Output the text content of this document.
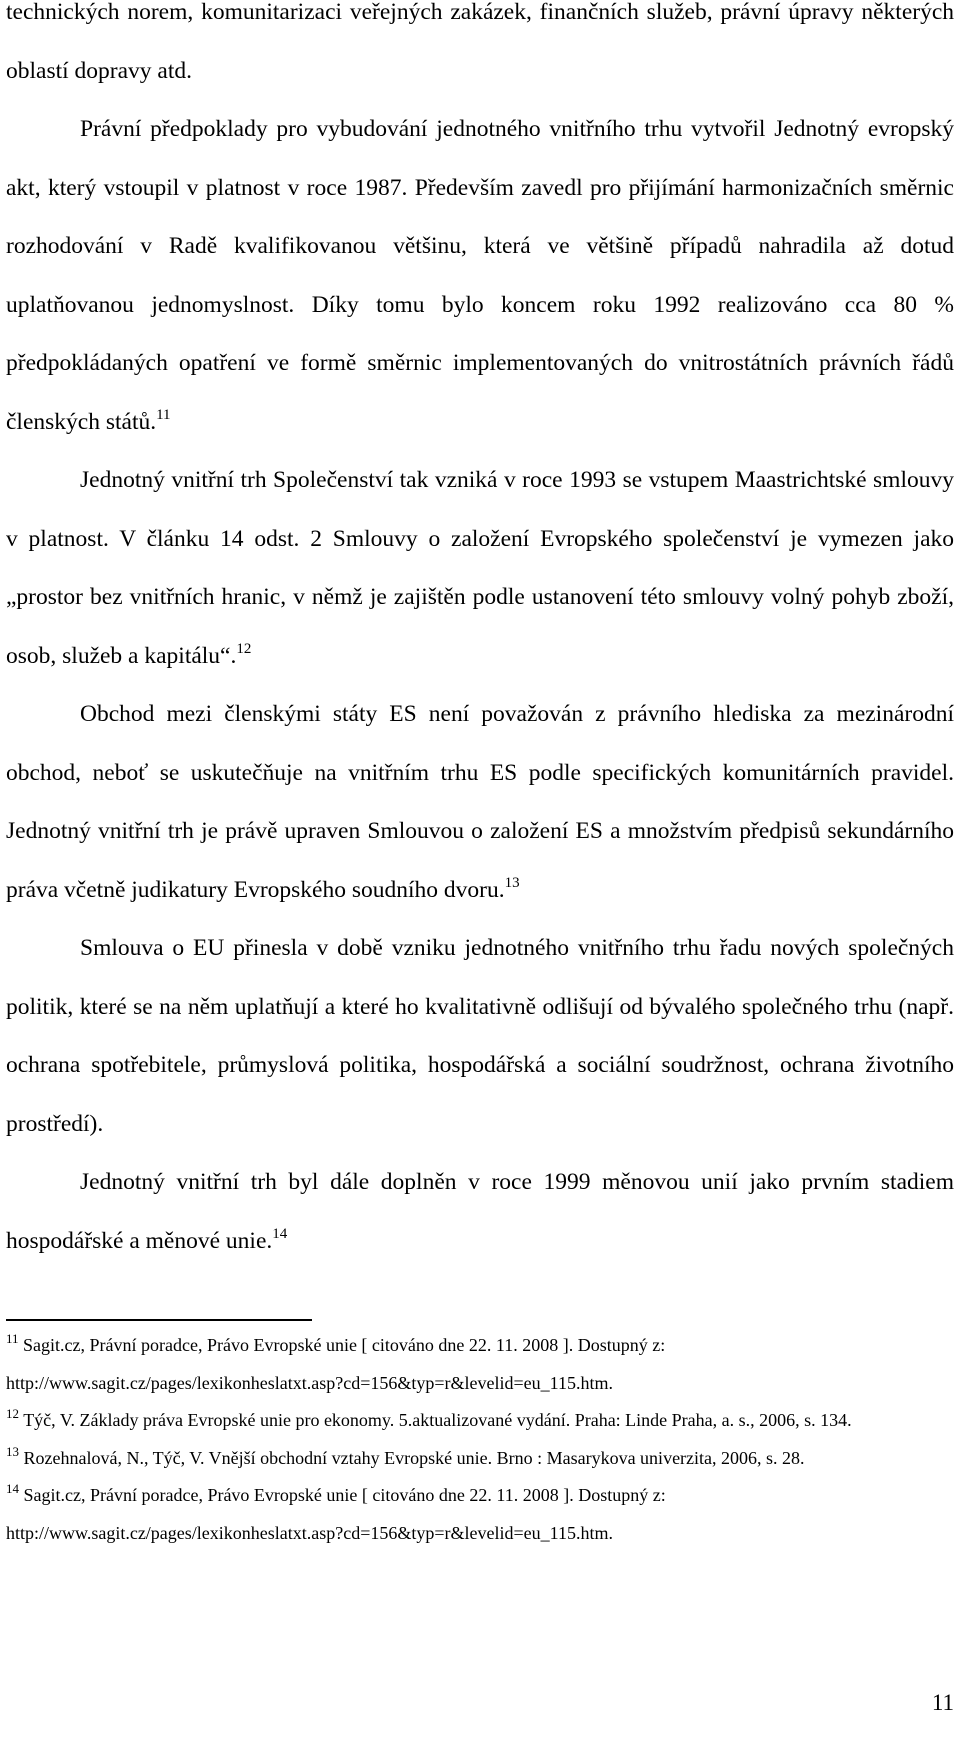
technických norem, komunitarizaci veřejných zakázek, finančních služeb, právní úpravy některých oblastí dopravy atd.

Právní předpoklady pro vybudování jednotného vnitřního trhu vytvořil Jednotný evropský akt, který vstoupil v platnost v roce 1987. Především zavedl pro přijímání harmonizačních směrnic rozhodování v Radě kvalifikovanou většinu, která ve většině případů nahradila až dotud uplatňovanou jednomyslnost. Díky tomu bylo koncem roku 1992 realizováno cca 80 % předpokládaných opatření ve formě směrnic implementovaných do vnitrostátních právních řádů členských států.$^{11}$

Jednotný vnitřní trh Společenství tak vzniká v roce 1993 se vstupem Maastrichtské smlouvy v platnost. V článku 14 odst. 2 Smlouvy o založení Evropského společenství je vymezen jako „prostor bez vnitřních hranic, v němž je zajištěn podle ustanovení této smlouvy volný pohyb zboží, osob, služeb a kapitálu“.$^{12}$

Obchod mezi členskými státy ES není považován z právního hlediska za mezinárodní obchod, neboť se uskutečňuje na vnitřním trhu ES podle specifických komunitárních pravidel. Jednotný vnitřní trh je právě upraven Smlouvou o založení ES a množstvím předpisů sekundárního práva včetně judikatury Evropského soudního dvoru.$^{13}$

Smlouva o EU přinesla v době vzniku jednotného vnitřního trhu řadu nových společných politik, které se na něm uplatňují a které ho kvalitativně odlišují od bývalého společného trhu (např. ochrana spotřebitele, průmyslová politika, hospodářská a sociální soudržnost, ochrana životního prostředí).

Jednotný vnitřní trh byl dále doplněn v roce 1999 měnovou unií jako prvním stadiem hospodářské a měnové unie.$^{14}$

$^{11}$ Sagit.cz, Právní poradce, Právo Evropské unie [ citováno dne 22. 11. 2008 ]. Dostupný z: http://www.sagit.cz/pages/lexikonheslatxt.asp?cd=156&typ=r&levelid=eu_115.htm.

$^{12}$ Týč, V. Základy práva Evropské unie pro ekonomy. 5.aktualizované vydání. Praha: Linde Praha, a. s., 2006, s. 134.

$^{13}$ Rozehnalová, N., Týč, V. Vnější obchodní vztahy Evropské unie. Brno : Masarykova univerzita, 2006, s. 28.

$^{14}$ Sagit.cz, Právní poradce, Právo Evropské unie [ citováno dne 22. 11. 2008 ]. Dostupný z: http://www.sagit.cz/pages/lexikonheslatxt.asp?cd=156&typ=r&levelid=eu_115.htm.

11
